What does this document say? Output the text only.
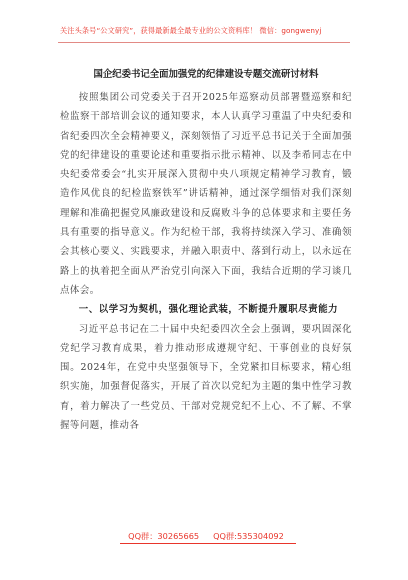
关注头条号“公文研究”，获得最新最全最专业的公文资料库！ 微信：gongwenyj
国企纪委书记全面加强党的纪律建设专题交流研讨材料

按照集团公司党委关于召开2025年巡察动员部署暨巡察和纪检监察干部培训会议的通知要求，本人认真学习重温了中央纪委和省纪委四次全会精神要义，深刻领悟了习近平总书记关于全面加强党的纪律建设的重要论述和重要指示批示精神、以及李希同志在中央纪委常委会“扎实开展深入贯彻中央八项规定精神学习教育，锻造作风优良的纪检监察铁军”讲话精神，通过深学细悟对我们深刻理解和准确把握党风廉政建设和反腐败斗争的总体要求和主要任务具有重要的指导意义。作为纪检干部，我将持续深入学习、准确领会其核心要义、实践要求，并融入职责中、落到行动上，以永远在路上的执着把全面从严治党引向深入下面，我结合近期的学习谈几点体会。

一、以学习为契机，强化理论武装，不断提升履职尽责能力

习近平总书记在二十届中央纪委四次全会上强调，要巩固深化党纪学习教育成果，着力推动形成遵规守纪、干事创业的良好氛围。2024年，在党中央坚强领导下，全党紧扣目标要求，精心组织实施，加强督促落实，开展了首次以党纪为主题的集中性学习教育，着力解决了一些党员、干部对党规党纪不上心、不了解、不掌握等问题，推动各

QQ群：30265665 QQ群:535304092
